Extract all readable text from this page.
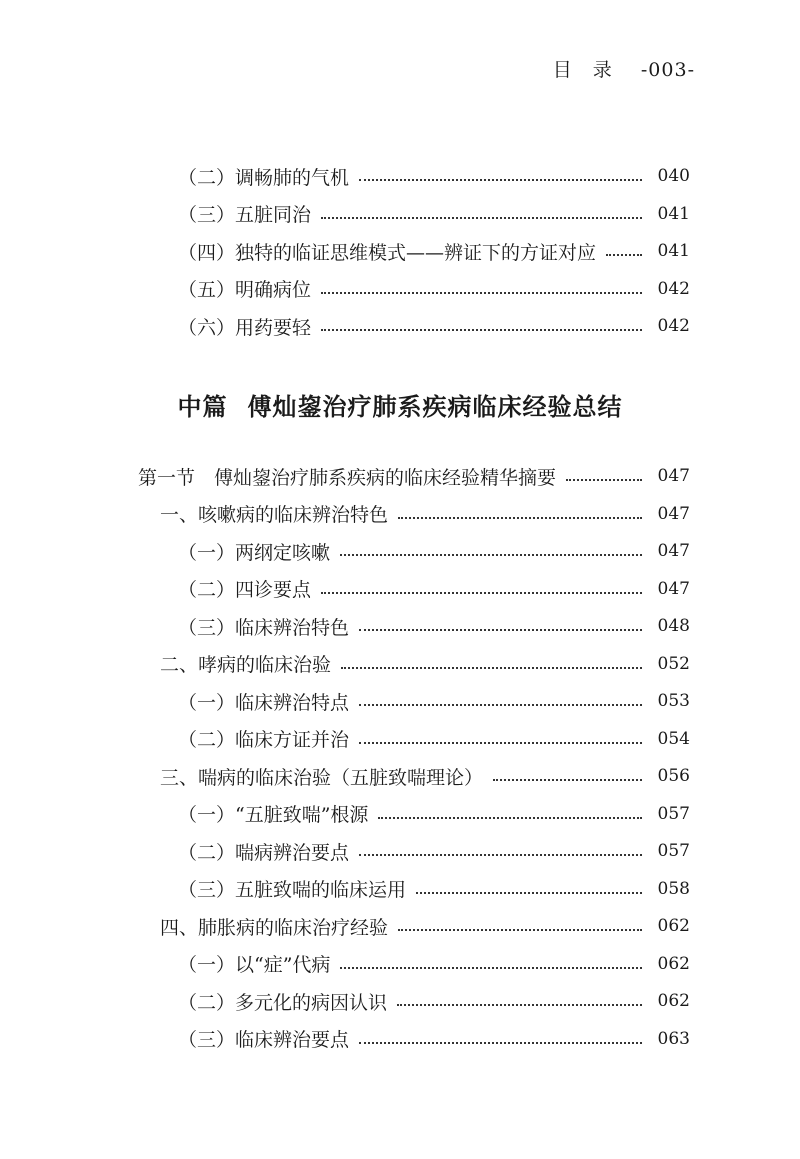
目　录 -003-
（二）调畅肺的气机	040
（三）五脏同治	041
（四）独特的临证思维模式——辨证下的方证对应	041
（五）明确病位	042
（六）用药要轻	042
中篇 傅灿鋆治疗肺系疾病临床经验总结
第一节　傅灿鋆治疗肺系疾病的临床经验精华摘要	047
一、咳嗽病的临床辨治特色	047
（一）两纲定咳嗽	047
（二）四诊要点	047
（三）临床辨治特色	048
二、哮病的临床治验	052
（一）临床辨治特点	053
（二）临床方证并治	054
三、喘病的临床治验（五脏致喘理论）	056
（一）“五脏致喘”根源	057
（二）喘病辨治要点	057
（三）五脏致喘的临床运用	058
四、肺胀病的临床治疗经验	062
（一）以“症”代病	062
（二）多元化的病因认识	062
（三）临床辨治要点	063
